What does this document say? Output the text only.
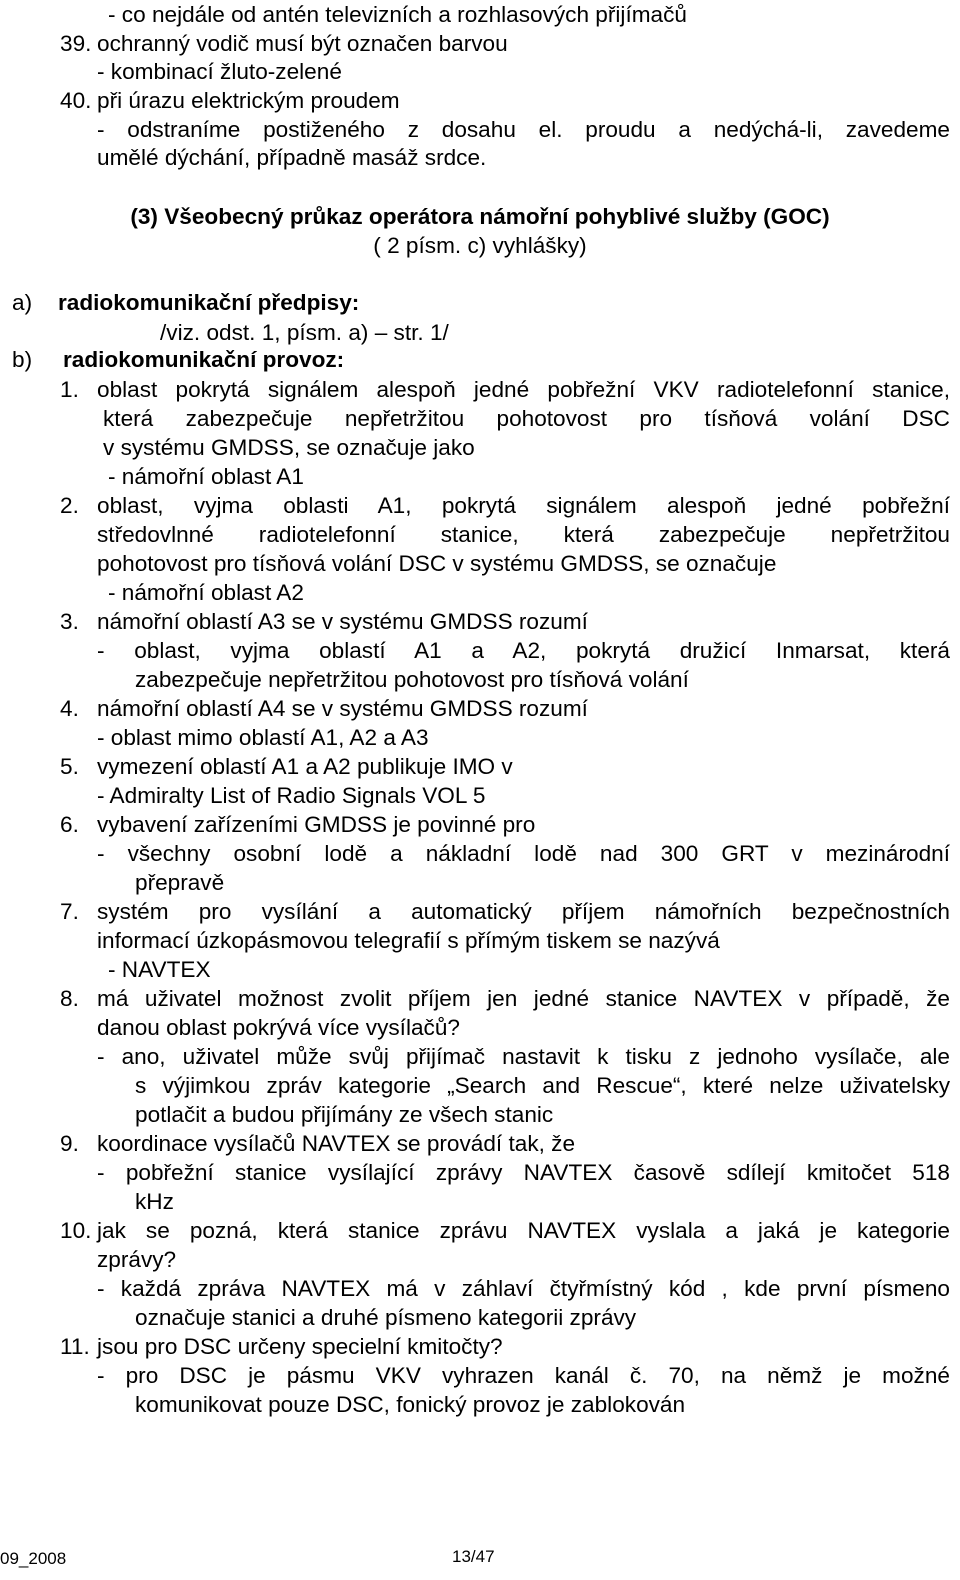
- co nejdále od antén televizních a rozhlasových přijímačů
39. ochranný vodič musí být označen barvou
- kombinací žluto-zelené
40. při úrazu elektrickým proudem
- odstraníme postiženého z dosahu el. proudu a nedýchá-li, zavedeme
umělé dýchání, případně masáž srdce.
(3) Všeobecný průkaz operátora námořní pohyblivé služby (GOC)
( 2 písm. c) vyhlášky)
a) radiokomunikační předpisy:
/viz. odst. 1, písm. a) – str. 1/
b) radiokomunikační provoz:
1. oblast pokrytá signálem alespoň jedné pobřežní VKV radiotelefonní stanice,
která zabezpečuje nepřetržitou pohotovost pro tísňová volání DSC
v systému GMDSS, se označuje jako
- námořní oblast A1
2. oblast, vyjma oblasti A1, pokrytá signálem alespoň jedné pobřežní
středovlnné radiotelefonní stanice, která zabezpečuje nepřetržitou
pohotovost pro tísňová volání DSC v systému GMDSS, se označuje
- námořní oblast A2
3. námořní oblastí A3 se v systému GMDSS rozumí
- oblast, vyjma oblastí A1 a A2, pokrytá družicí Inmarsat, která
zabezpečuje nepřetržitou pohotovost pro tísňová volání
4. námořní oblastí A4 se v systému GMDSS rozumí
- oblast mimo oblastí A1, A2 a A3
5. vymezení oblastí A1 a A2 publikuje IMO v
- Admiralty List of Radio Signals VOL 5
6. vybavení zařízeními GMDSS je povinné pro
- všechny osobní lodě a nákladní lodě nad 300 GRT v mezinárodní
přepravě
7. systém pro vysílání a automatický příjem námořních bezpečnostních
informací úzkopásmovou telegrafií s přímým tiskem se nazývá
- NAVTEX
8. má uživatel možnost zvolit příjem jen jedné stanice NAVTEX v případě, že
danou oblast pokrývá více vysílačů?
- ano, uživatel může svůj přijímač nastavit k tisku z jednoho vysílače, ale
s výjimkou zpráv kategorie „Search and Rescue“, které nelze uživatelsky
potlačit a budou přijímány ze všech stanic
9. koordinace vysílačů NAVTEX se provádí tak, že
- pobřežní stanice vysílající zprávy NAVTEX časově sdílejí kmitočet 518
kHz
10. jak se pozná, která stanice zprávu NAVTEX vyslala a jaká je kategorie
zprávy?
- každá zpráva NAVTEX má v záhlaví čtyřmístný kód , kde první písmeno
označuje stanici a druhé písmeno kategorii zprávy
11. jsou pro DSC určeny specielní kmitočty?
- pro DSC je pásmu VKV vyhrazen kanál č. 70, na němž je možné
komunikovat pouze DSC, fonický provoz je zablokován
09_2008	13/47
